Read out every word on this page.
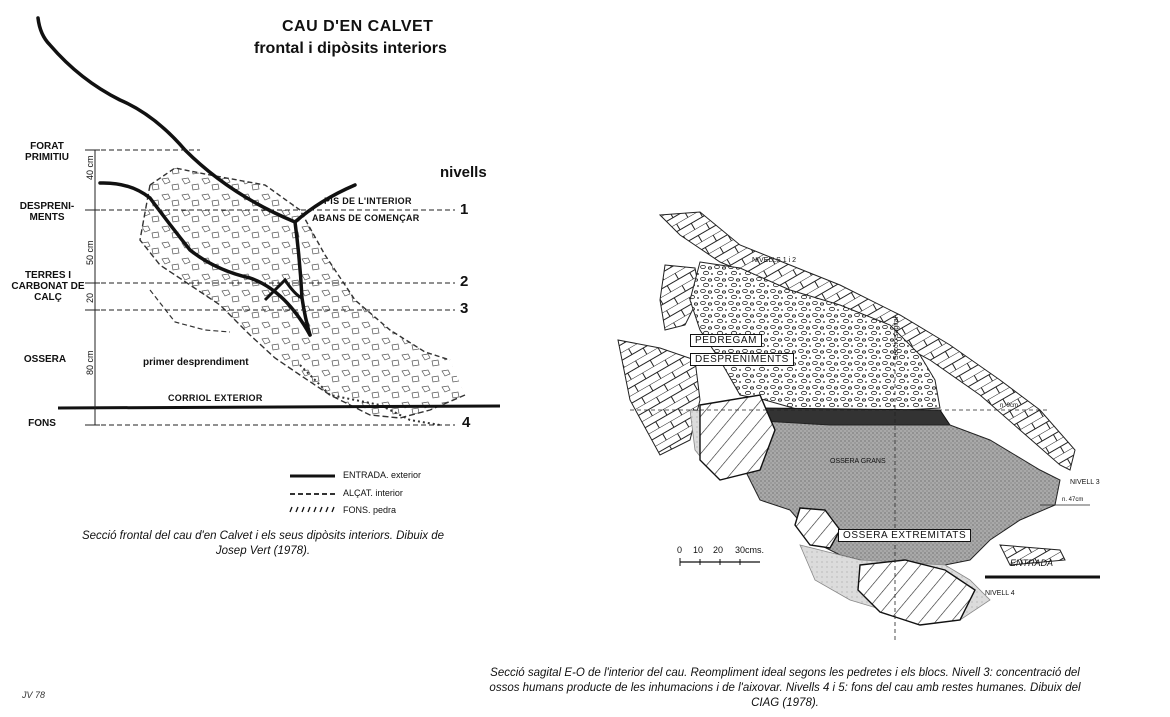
CAU D'EN CALVET
frontal i dipòsits interiors
FORAT PRIMITIU
DESPRENI- MENTS
TERRES I CARBONAT DE CALÇ
OSSERA
FONS
40 cm
50 cm
20
80 cm
nivells
1
2
3
4
PIS DE L'INTERIOR
ABANS DE COMENÇAR
primer desprendiment
CORRIOL EXTERIOR
ENTRADA. exterior
ALÇAT. interior
FONS. pedra
Secció frontal del cau d'en Calvet i els seus dipòsits interiors. Dibuix de
Josep Vert (1978).
NIVELLS 1 i 2
PEDREGAM
DESPRENIMENTS	Secció sagital
OSSERA GRANS
OSSERA EXTREMITATS
n. 9cm
n. 47cm
NIVELL 3
NIVELL 4
ENTRADA
0 10 20 30cms.
Secció sagital E-O de l'interior del cau. Reompliment ideal segons les pedretes i els blocs. Nivell 3: concentració del
ossos humans producte de les inhumacions i de l'aixovar. Nivells 4 i 5: fons del cau amb restes humanes. Dibuix del
CIAG (1978).
JV 78
